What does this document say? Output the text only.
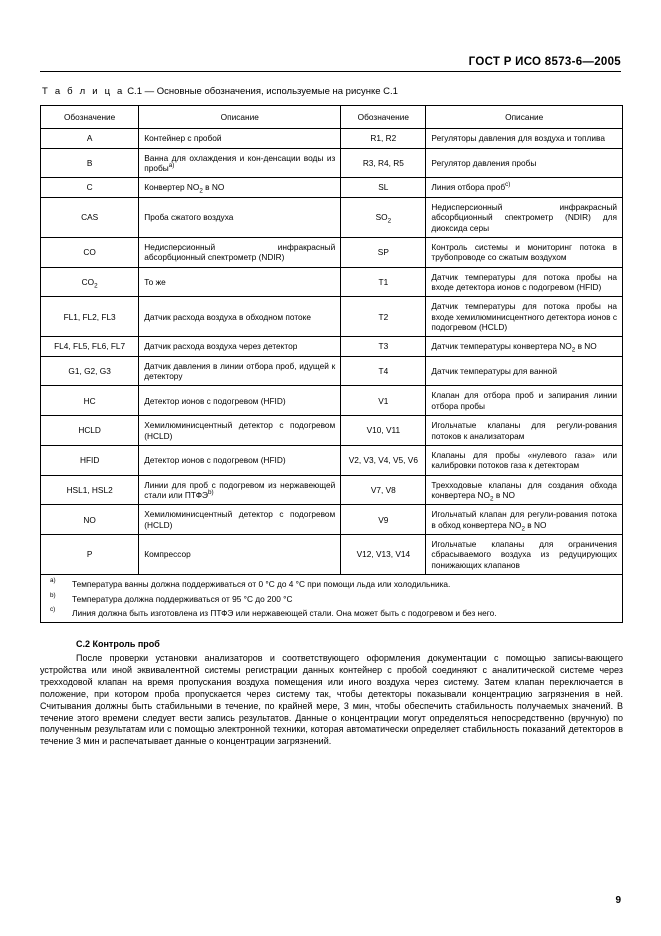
ГОСТ Р ИСО 8573-6—2005
Т а б л и ц а С.1 — Основные обозначения, используемые на рисунке С.1
Обозначение	Описание	Обозначение	Описание
A	Контейнер с пробой	R1, R2	Регуляторы давления для воздуха и топлива
B	Ванна для охлаждения и кон-денсации воды из пробы$^{a)}$	R3, R4, R5	Регулятор давления пробы
C	Конвертер $NO_2$ в NO	SL	Линия отбора проб$^{c)}$
CAS	Проба сжатого воздуха	$SO_2$	Недисперсионный инфракрасный абсорбционный спектрометр (NDIR) для диоксида серы
CO	Недисперсионный инфракрасный абсорбционный спектрометр (NDIR)	SP	Контроль системы и мониторинг потока в трубопроводе со сжатым воздухом
$CO_2$	То же	T1	Датчик температуры для потока пробы на входе детектора ионов с подогревом (HFID)
FL1, FL2, FL3	Датчик расхода воздуха в обходном потоке	T2	Датчик температуры для потока пробы на входе хемилюминисцентного детектора ионов с подогревом (HCLD)
FL4, FL5, FL6, FL7	Датчик расхода воздуха через детектор	T3	Датчик температуры конвертера $NO_2$ в NO
G1, G2, G3	Датчик давления в линии отбора проб, идущей к детектору	T4	Датчик температуры для ванной
HC	Детектор ионов с подогревом (HFID)	V1	Клапан для отбора проб и запирания линии отбора пробы
HCLD	Хемилюминисцентный детектор с подогревом (HCLD)	V10, V11	Игольчатые клапаны для регули-рования потоков к анализаторам
HFID	Детектор ионов с подогревом (HFID)	V2, V3, V4, V5, V6	Клапаны для пробы «нулевого газа» или калибровки потоков газа к детекторам
HSL1, HSL2	Линии для проб с подогревом из нержавеющей стали или ПТФЭ$^{b)}$	V7, V8	Трехходовые клапаны для создания обхода конвертера $NO_2$ в NO
NO	Хемилюминисцентный детектор с подогревом (HCLD)	V9	Игольчатый клапан для регули-рования потока в обход конвертера $NO_2$ в NO
P	Компрессор	V12, V13, V14	Игольчатые клапаны для ограничения сбрасываемого воздуха из редуцирующих понижающих клапанов

a)	Температура ванны должна поддерживаться от 0 °С до 4 °С при помощи льда или холодильника.
b)	Температура должна поддерживаться от 95 °С до 200 °С
c)	Линия должна быть изготовлена из ПТФЭ или нержавеющей стали. Она может быть с подогревом и без него.
С.2 Контроль проб
После проверки установки анализаторов и соответствующего оформления документации с помощью записы-вающего устройства или иной эквивалентной системы регистрации данных контейнер с пробой соединяют с аналитической системе через трехходовой клапан на время пропускания воздуха помещения или иного воздуха через систему. Затем клапан переключается в положение, при котором проба пропускается через систему так, чтобы детекторы показывали концентрацию загрязнения в ней. Считывания должны быть стабильными в течение, по крайней мере, 3 мин, чтобы обеспечить стабильность получаемых значений. В течение этого времени следует вести запись результатов. Данные о концентрации могут определяться непосредственно (вручную) по полученным результатам или с помощью электронной техники, которая автоматически определяет стабильность показаний детекторов в течение 3 мин и распечатывает данные о концентрации загрязнений.
9
